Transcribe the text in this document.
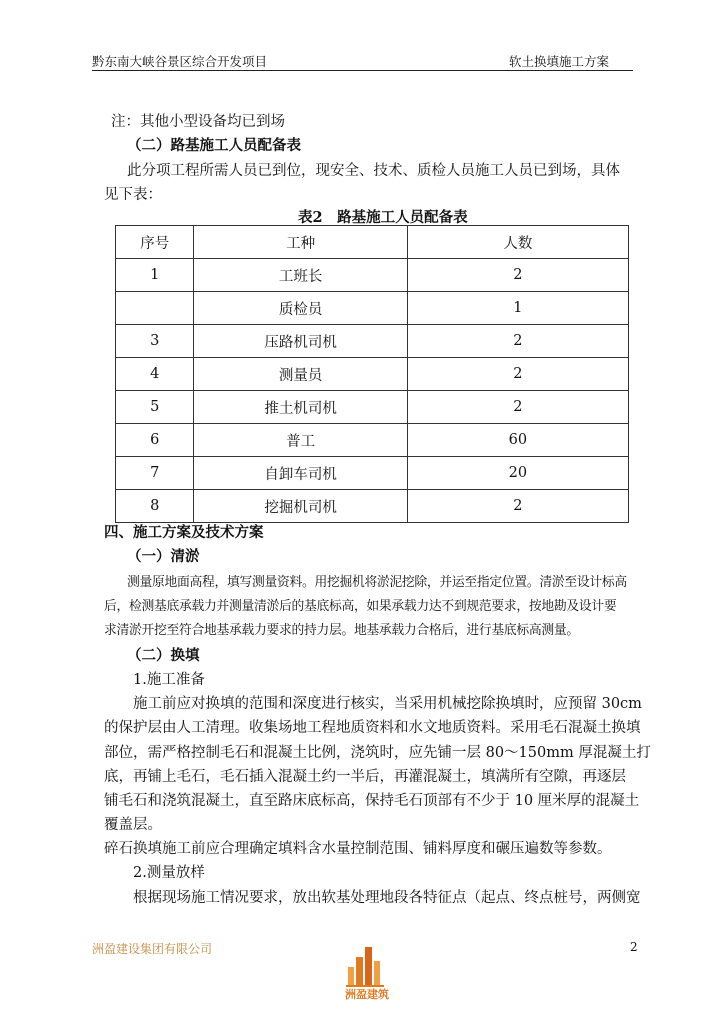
黔东南大峡谷景区综合开发项目	软土换填施工方案
注：其他小型设备均已到场
（二）路基施工人员配备表
此分项工程所需人员已到位，现安全、技术、质检人员施工人员已到场，具体
见下表：
表2　路基施工人员配备表
序号	工种	人数
1	工班长	2
	质检员	1
3	压路机司机	2
4	测量员	2
5	推土机司机	2
6	普工	60
7	自卸车司机	20
8	挖掘机司机	2
四、施工方案及技术方案
（一）清淤
测量原地面高程，填写测量资料。用挖掘机将淤泥挖除，并运至指定位置。清淤至设计标高
后，检测基底承载力并测量清淤后的基底标高，如果承载力达不到规范要求，按地勘及设计要
求清淤开挖至符合地基承载力要求的持力层。地基承载力合格后，进行基底标高测量。
（二）换填
1.施工准备
施工前应对换填的范围和深度进行核实，当采用机械挖除换填时，应预留 30cm
的保护层由人工清理。收集场地工程地质资料和水文地质资料。采用毛石混凝土换填
部位，需严格控制毛石和混凝土比例，浇筑时，应先铺一层 80～150mm 厚混凝土打
底，再铺上毛石，毛石插入混凝土约一半后，再灌混凝土，填满所有空隙，再逐层
铺毛石和浇筑混凝土，直至路床底标高，保持毛石顶部有不少于 10 厘米厚的混凝土
覆盖层。
碎石换填施工前应合理确定填料含水量控制范围、铺料厚度和碾压遍数等参数。
2.测量放样
根据现场施工情况要求，放出软基处理地段各特征点（起点、终点桩号，两侧宽
洲盈建设集团有限公司	2
洲盈建筑
